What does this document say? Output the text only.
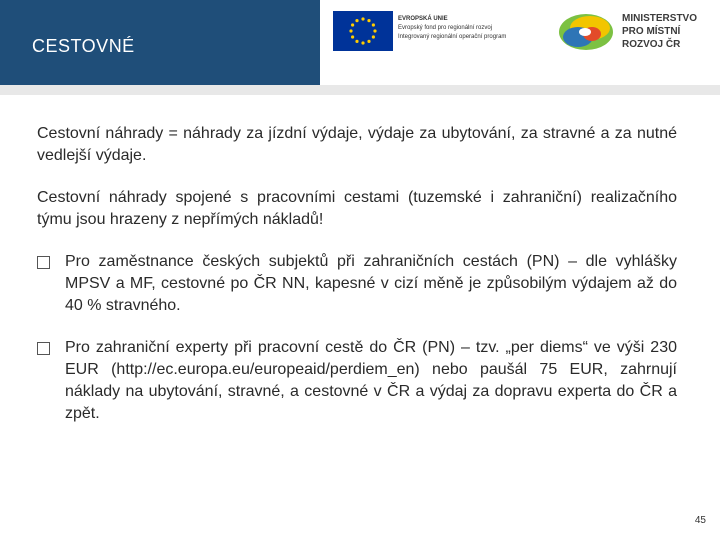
CESTOVNÉ
EVROPSKÁ UNIE
Evropský fond pro regionální rozvoj
Integrovaný regionální operační program
MINISTERSTVO
PRO MÍSTNÍ
ROZVOJ ČR

Cestovní náhrady = náhrady za jízdní výdaje, výdaje za ubytování, za stravné a za nutné vedlejší výdaje.

Cestovní náhrady spojené s pracovními cestami (tuzemské i zahraniční) realizačního týmu jsou hrazeny z nepřímých nákladů!

Pro zaměstnance českých subjektů při zahraničních cestách (PN) – dle vyhlášky MPSV a MF, cestovné po ČR NN, kapesné v cizí měně je způsobilým výdajem až do 40 % stravného.
Pro zahraniční experty při pracovní cestě do ČR (PN) – tzv. „per diems“ ve výši 230 EUR (http://ec.europa.eu/europeaid/perdiem_en) nebo paušál 75 EUR, zahrnují náklady na ubytování, stravné, a cestovné v ČR a výdaj za dopravu experta do ČR a zpět.
45
